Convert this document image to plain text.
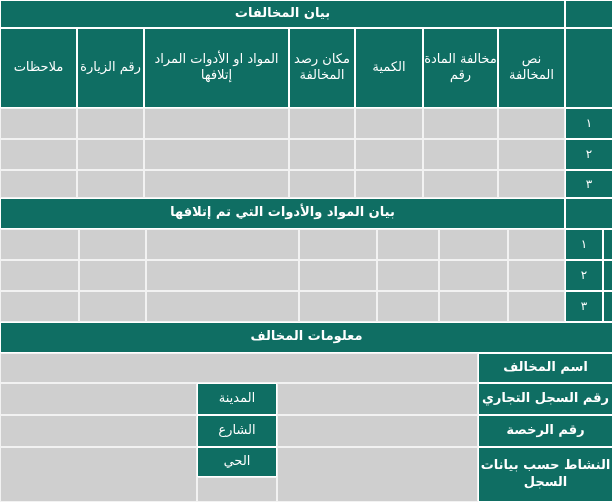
بيان المخالفات
نص المخالفة
مخالفة المادة رقم
الكمية
مكان رصد المخالفة
المواد او الأدوات المراد إتلافها
رقم الزيارة
ملاحظات
١
٢
٣
بيان المواد والأدوات التي تم إتلافها
١
٢
٣
معلومات المخالف
اسم المخالف
رقم السجل التجاري
المدينة
رقم الرخصة
الشارع
النشاط حسب بيانات السجل
الحي
